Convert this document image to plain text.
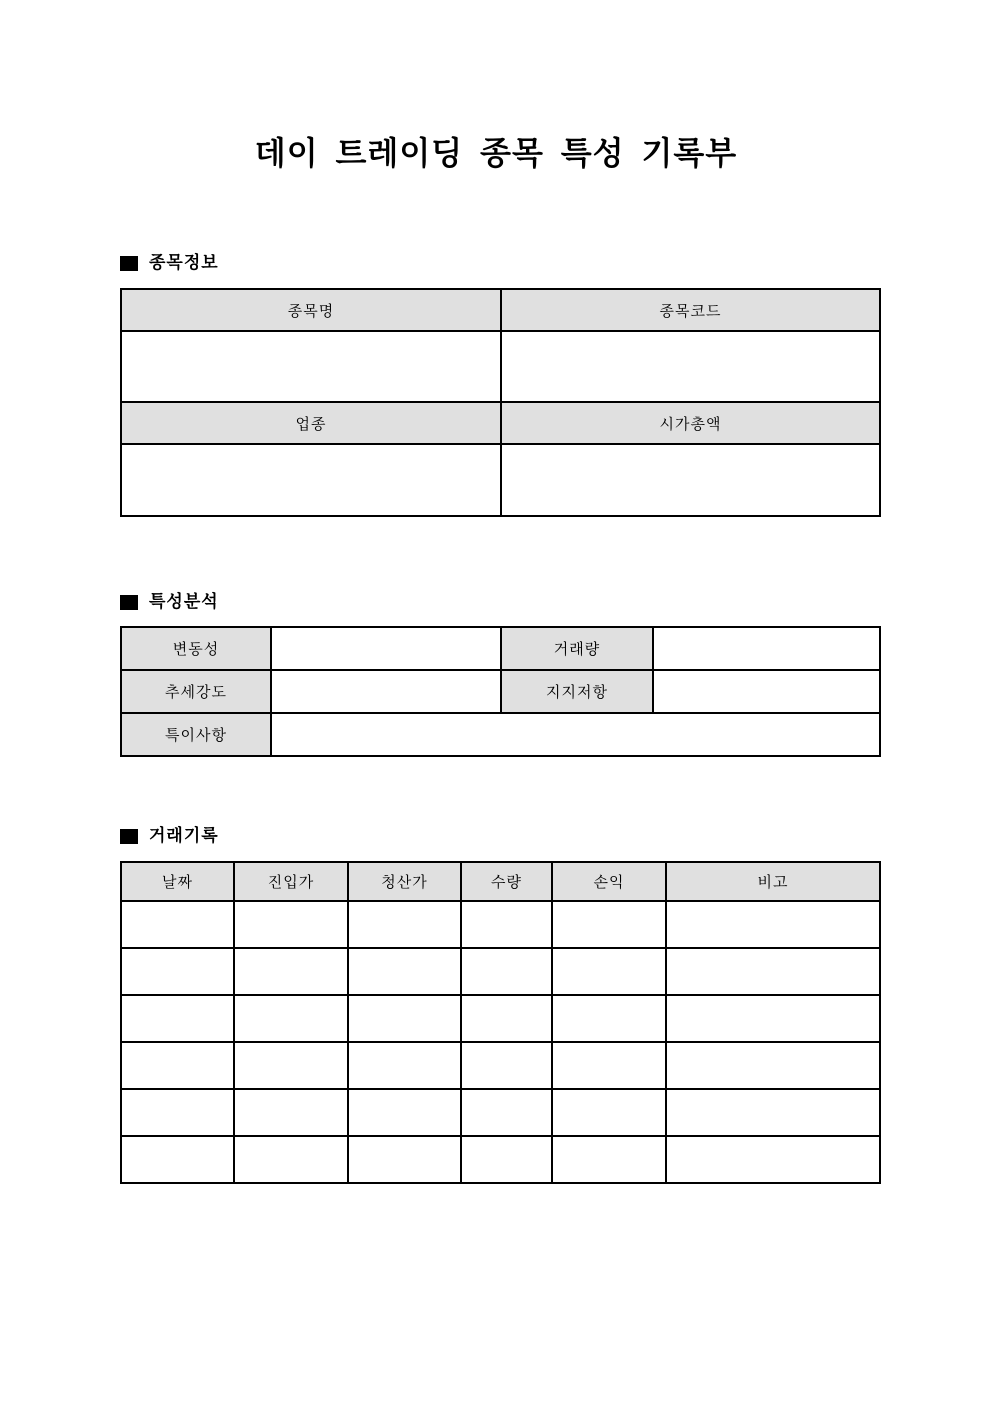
데이 트레이딩 종목 특성 기록부
종목정보
종목명	종목코드

업종	시가총액

특성분석
변동성		거래량	
추세강도		지지저항	
특이사항			
거래기록
날짜	진입가	청산가	수량	손익	비고
